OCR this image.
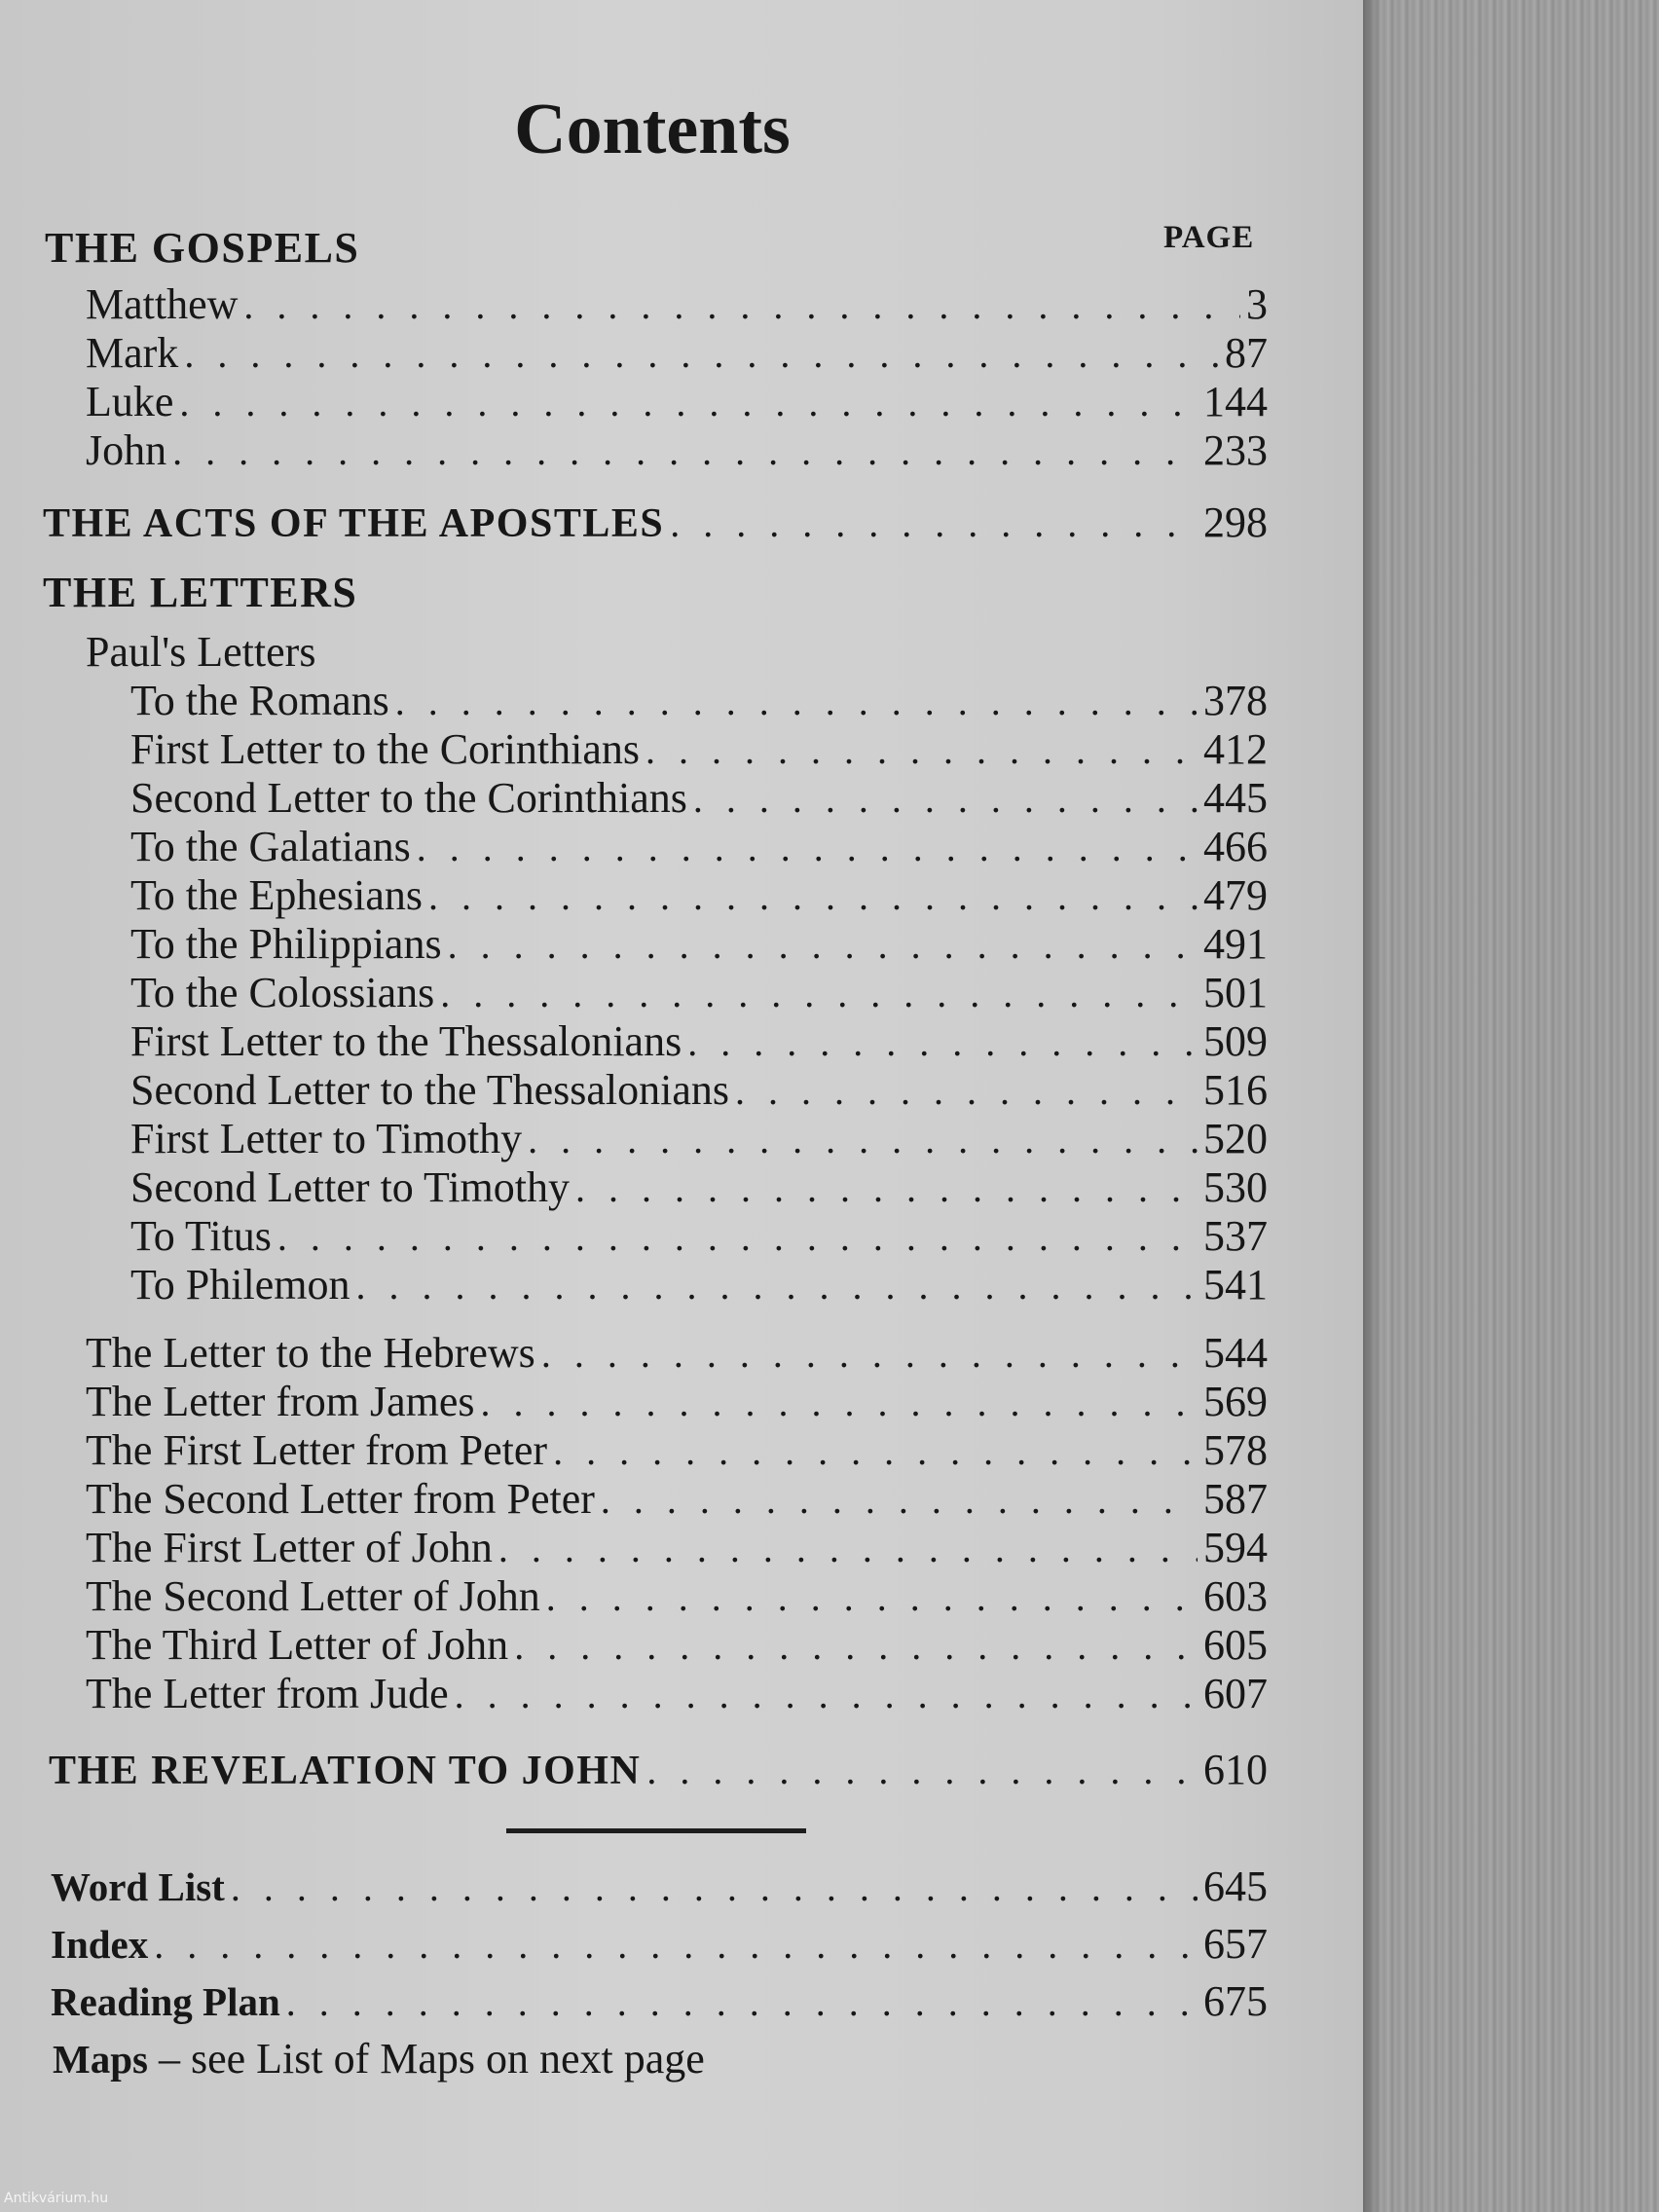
Contents
PAGE
THE GOSPELS
Matthew . . .	3
Mark . . .	87
Luke . . .	144
John . . .	233
THE ACTS OF THE APOSTLES . . .	298
THE LETTERS
Paul's Letters
To the Romans . . .	378
First Letter to the Corinthians . . .	412
Second Letter to the Corinthians . . .	445
To the Galatians . . .	466
To the Ephesians . . .	479
To the Philippians . . .	491
To the Colossians . . .	501
First Letter to the Thessalonians . . .	509
Second Letter to the Thessalonians . . .	516
First Letter to Timothy . . .	520
Second Letter to Timothy . . .	530
To Titus . . .	537
To Philemon . . .	541
The Letter to the Hebrews . . .	544
The Letter from James . . .	569
The First Letter from Peter . . .	578
The Second Letter from Peter . . .	587
The First Letter of John . . .	594
The Second Letter of John . . .	603
The Third Letter of John . . .	605
The Letter from Jude . . .	607
THE REVELATION TO JOHN . . .	610
Word List . . .	645
Index . . .	657
Reading Plan . . .	675
Maps – see List of Maps on next page
Antikvárium.hu
